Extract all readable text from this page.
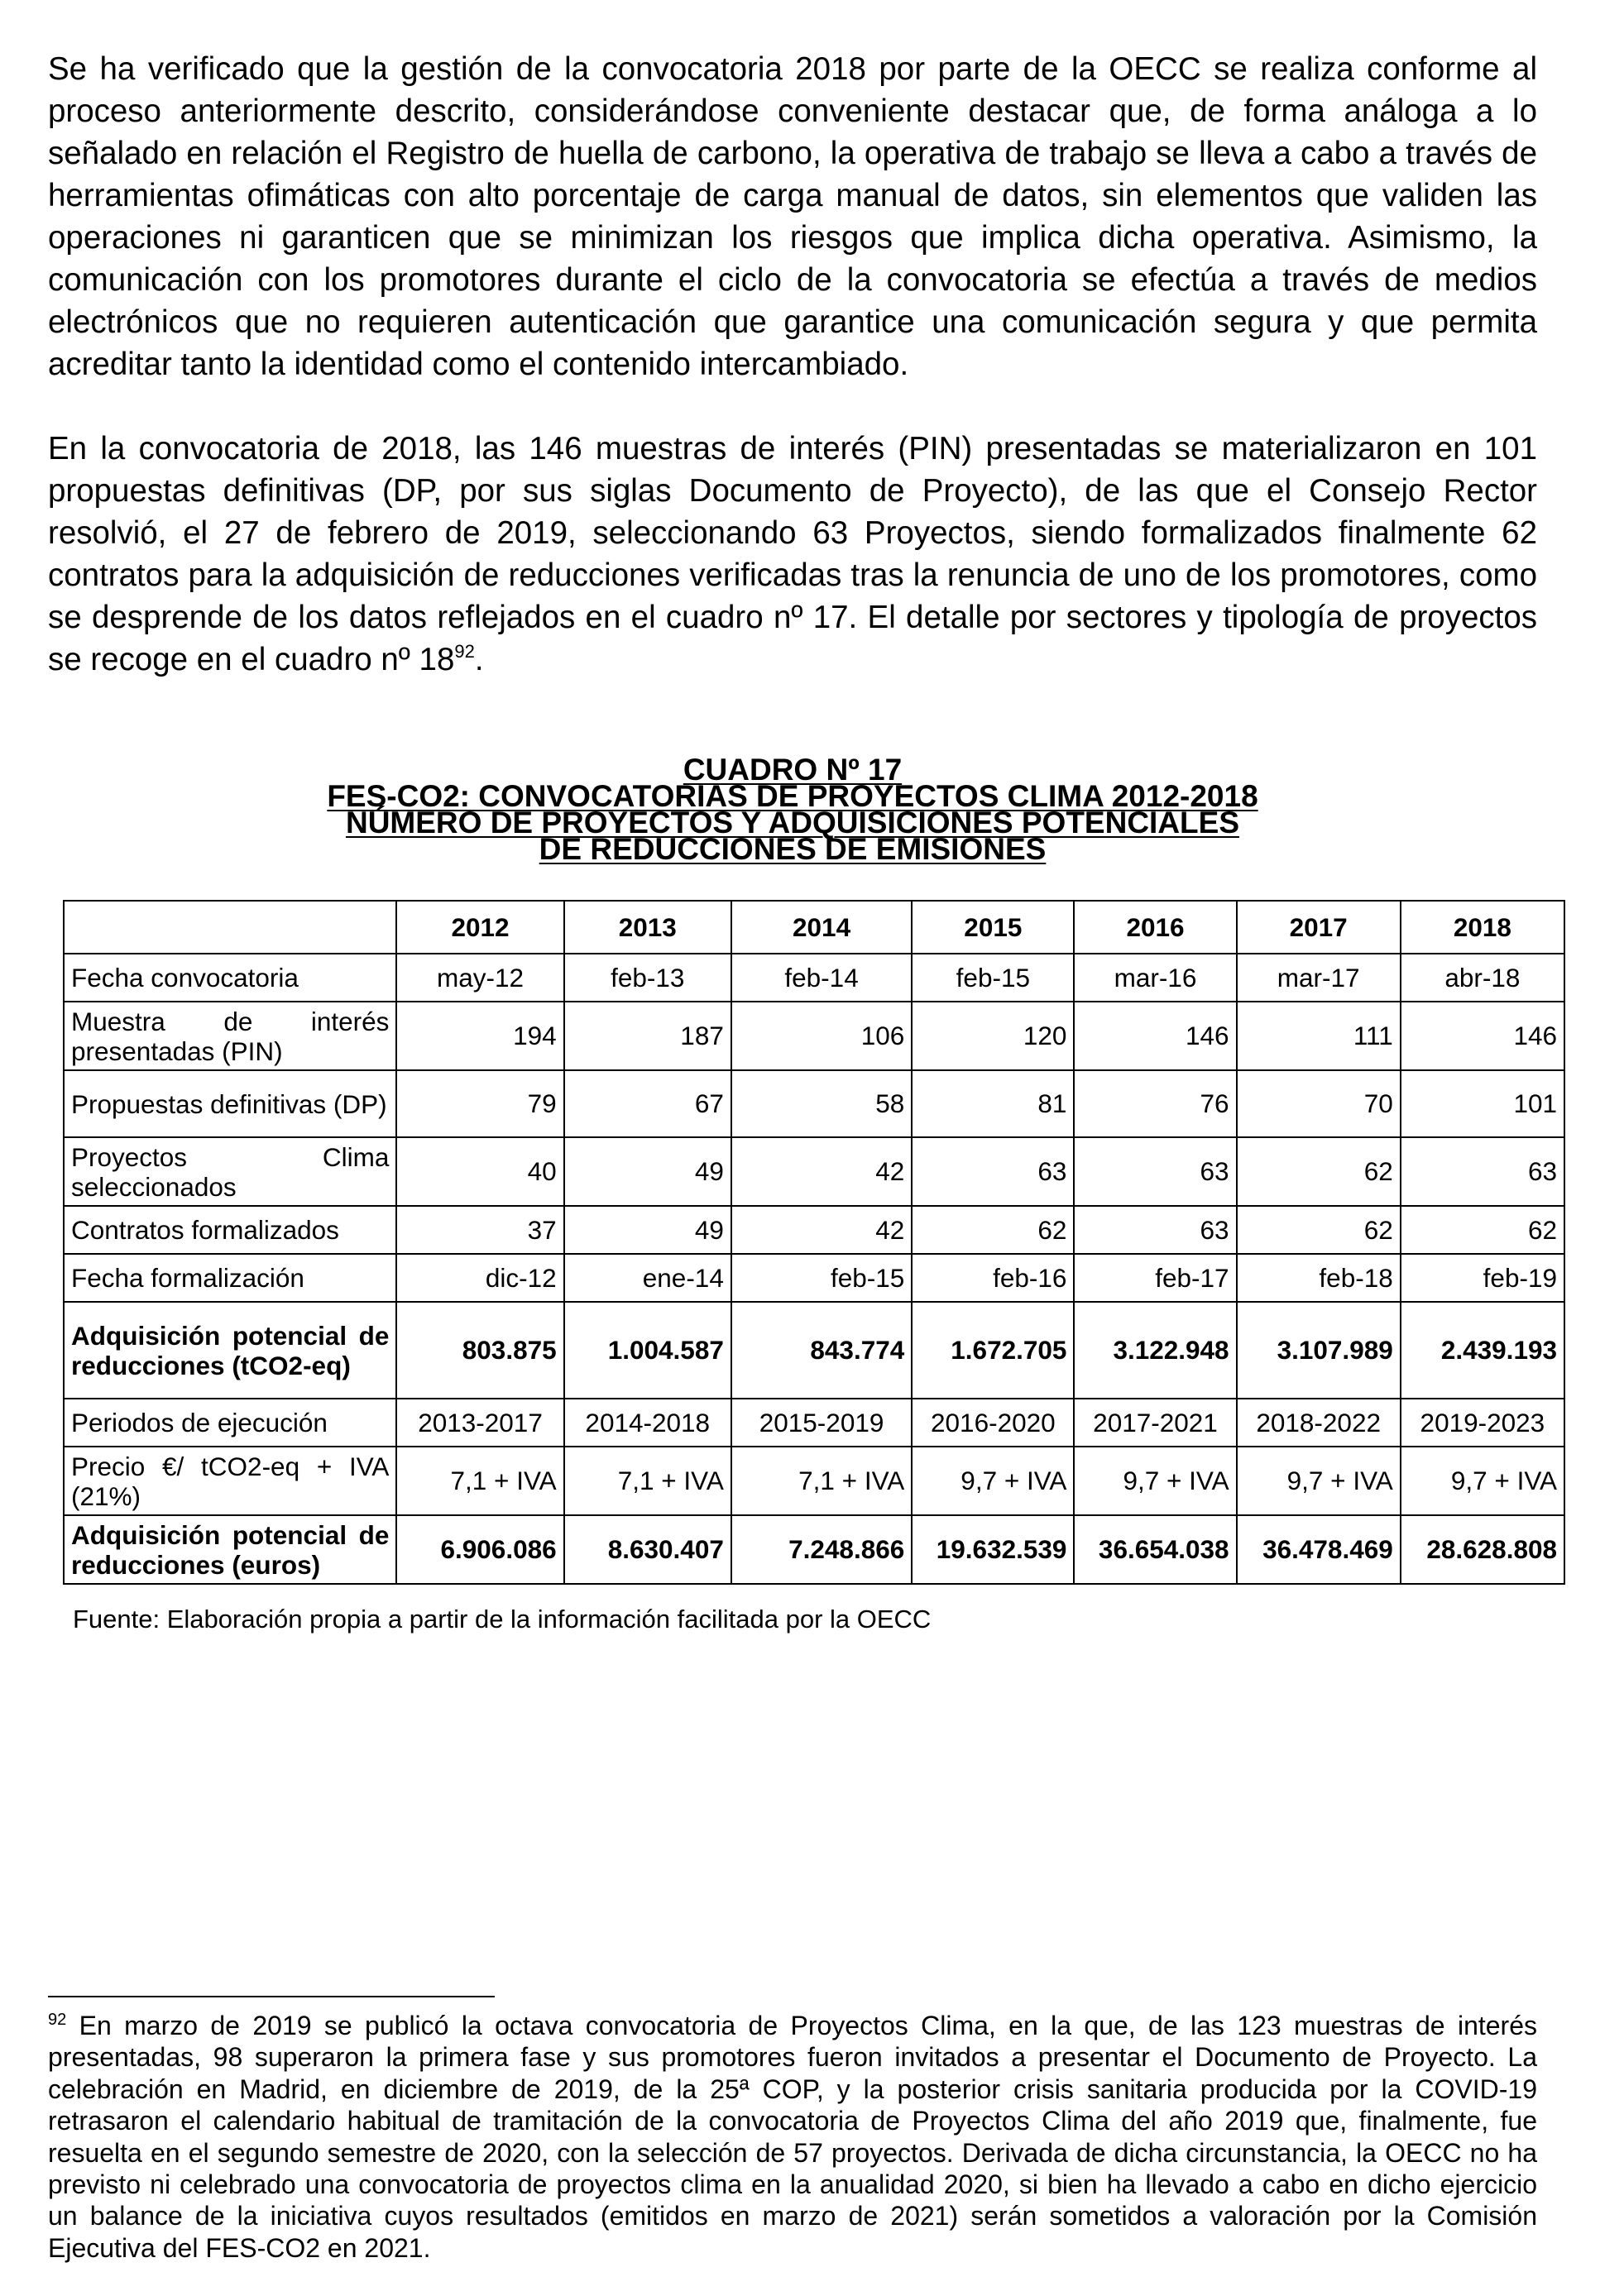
Se ha verificado que la gestión de la convocatoria 2018 por parte de la OECC se realiza conforme al proceso anteriormente descrito, considerándose conveniente destacar que, de forma análoga a lo señalado en relación el Registro de huella de carbono, la operativa de trabajo se lleva a cabo a través de herramientas ofimáticas con alto porcentaje de carga manual de datos, sin elementos que validen las operaciones ni garanticen que se minimizan los riesgos que implica dicha operativa. Asimismo, la comunicación con los promotores durante el ciclo de la convocatoria se efectúa a través de medios electrónicos que no requieren autenticación que garantice una comunicación segura y que permita acreditar tanto la identidad como el contenido intercambiado.

En la convocatoria de 2018, las 146 muestras de interés (PIN) presentadas se materializaron en 101 propuestas definitivas (DP, por sus siglas Documento de Proyecto), de las que el Consejo Rector resolvió, el 27 de febrero de 2019, seleccionando 63 Proyectos, siendo formalizados finalmente 62 contratos para la adquisición de reducciones verificadas tras la renuncia de uno de los promotores, como se desprende de los datos reflejados en el cuadro nº 17. El detalle por sectores y tipología de proyectos se recoge en el cuadro nº 18$^{92}$.

CUADRO Nº 17
FES-CO2: CONVOCATORIAS DE PROYECTOS CLIMA 2012-2018
NÚMERO DE PROYECTOS Y ADQUISICIONES POTENCIALES
DE REDUCCIONES DE EMISIONES
	2012	2013	2014	2015	2016	2017	2018
Fecha convocatoria	may-12	feb-13	feb-14	feb-15	mar-16	mar-17	abr-18
Muestra de interés presentadas (PIN)	194	187	106	120	146	111	146
Propuestas definitivas (DP)	79	67	58	81	76	70	101
Proyectos Clima seleccionados	40	49	42	63	63	62	63
Contratos formalizados	37	49	42	62	63	62	62
Fecha formalización	dic-12	ene-14	feb-15	feb-16	feb-17	feb-18	feb-19
Adquisición potencial de reducciones (tCO2-eq)	803.875	1.004.587	843.774	1.672.705	3.122.948	3.107.989	2.439.193
Periodos de ejecución	2013-2017	2014-2018	2015-2019	2016-2020	2017-2021	2018-2022	2019-2023
Precio €/ tCO2-eq + IVA (21%)	7,1 + IVA	7,1 + IVA	7,1 + IVA	9,7 + IVA	9,7 + IVA	9,7 + IVA	9,7 + IVA
Adquisición potencial de reducciones (euros)	6.906.086	8.630.407	7.248.866	19.632.539	36.654.038	36.478.469	28.628.808
Fuente: Elaboración propia a partir de la información facilitada por la OECC
$^{92}$ En marzo de 2019 se publicó la octava convocatoria de Proyectos Clima, en la que, de las 123 muestras de interés presentadas, 98 superaron la primera fase y sus promotores fueron invitados a presentar el Documento de Proyecto. La celebración en Madrid, en diciembre de 2019, de la 25ª COP, y la posterior crisis sanitaria producida por la COVID-19 retrasaron el calendario habitual de tramitación de la convocatoria de Proyectos Clima del año 2019 que, finalmente, fue resuelta en el segundo semestre de 2020, con la selección de 57 proyectos. Derivada de dicha circunstancia, la OECC no ha previsto ni celebrado una convocatoria de proyectos clima en la anualidad 2020, si bien ha llevado a cabo en dicho ejercicio un balance de la iniciativa cuyos resultados (emitidos en marzo de 2021) serán sometidos a valoración por la Comisión Ejecutiva del FES-CO2 en 2021.
